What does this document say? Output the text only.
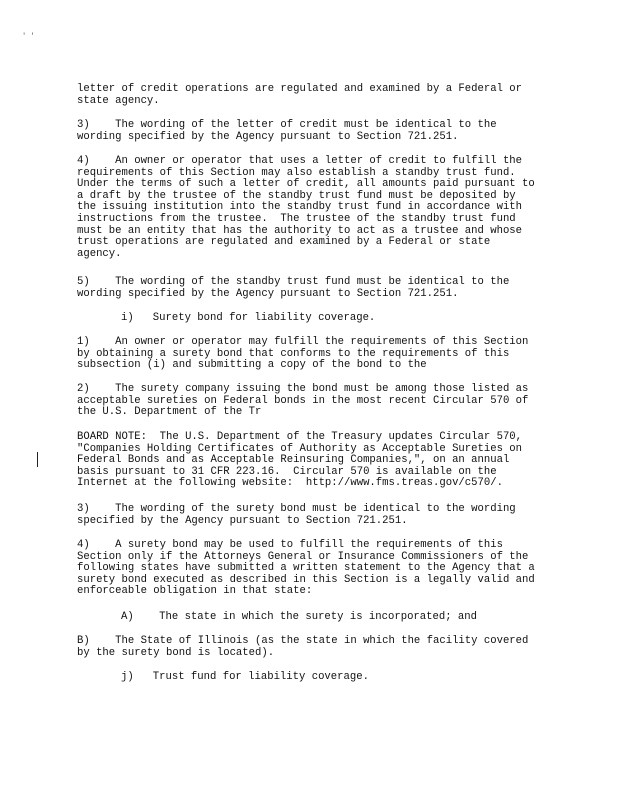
' '

letter of credit operations are regulated and examined by a Federal or
state agency.

3)    The wording of the letter of credit must be identical to the
wording specified by the Agency pursuant to Section 721.251.

4)    An owner or operator that uses a letter of credit to fulfill the
requirements of this Section may also establish a standby trust fund.
Under the terms of such a letter of credit, all amounts paid pursuant to
a draft by the trustee of the standby trust fund must be deposited by
the issuing institution into the standby trust fund in accordance with
instructions from the trustee.  The trustee of the standby trust fund
must be an entity that has the authority to act as a trustee and whose
trust operations are regulated and examined by a Federal or state
agency.

5)    The wording of the standby trust fund must be identical to the
wording specified by the Agency pursuant to Section 721.251.

i)   Surety bond for liability coverage.

1)    An owner or operator may fulfill the requirements of this Section
by obtaining a surety bond that conforms to the requirements of this
subsection (i) and submitting a copy of the bond to the

2)    The surety company issuing the bond must be among those listed as
acceptable sureties on Federal bonds in the most recent Circular 570 of
the U.S. Department of the Tr

BOARD NOTE:  The U.S. Department of the Treasury updates Circular 570,
"Companies Holding Certificates of Authority as Acceptable Sureties on
Federal Bonds and as Acceptable Reinsuring Companies,", on an annual
basis pursuant to 31 CFR 223.16.  Circular 570 is available on the
Internet at the following website:  http://www.fms.treas.gov/c570/.

3)    The wording of the surety bond must be identical to the wording
specified by the Agency pursuant to Section 721.251.

4)    A surety bond may be used to fulfill the requirements of this
Section only if the Attorneys General or Insurance Commissioners of the
following states have submitted a written statement to the Agency that a
surety bond executed as described in this Section is a legally valid and
enforceable obligation in that state:

A)    The state in which the surety is incorporated; and

B)    The State of Illinois (as the state in which the facility covered
by the surety bond is located).

j)   Trust fund for liability coverage.
